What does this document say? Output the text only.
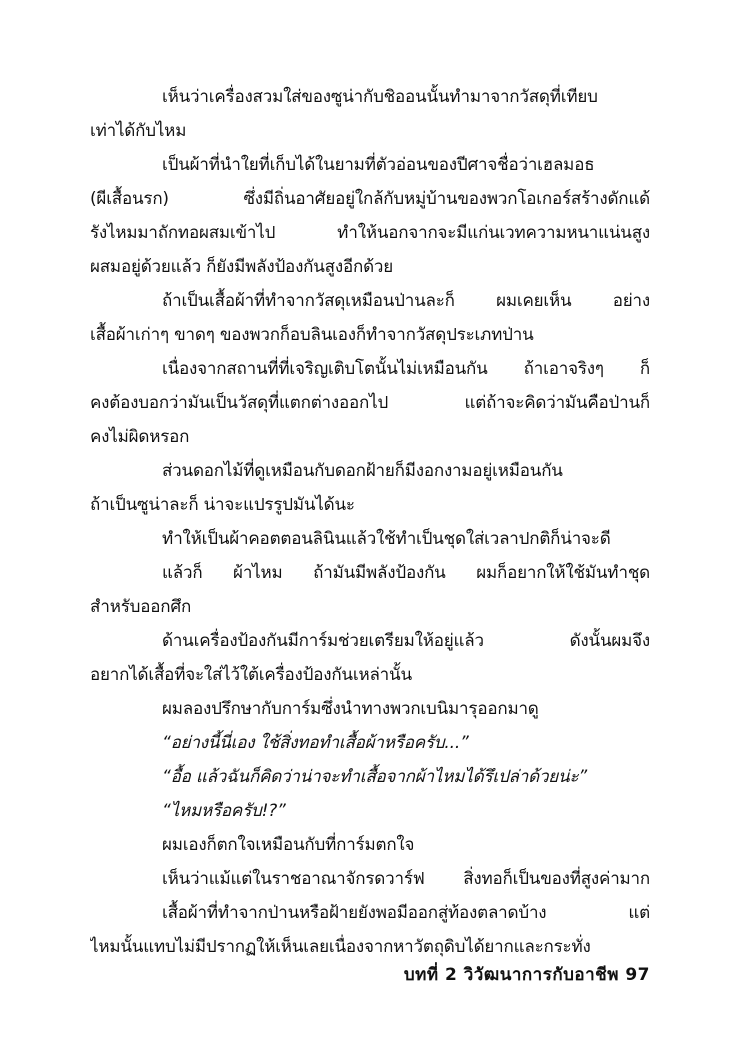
เห็นว่าเครื่องสวมใส่ของซูน่ากับชิออนนั้นทำมาจากวัสดุที่เทียบ
เท่าได้กับไหม
เป็นผ้าที่นำใยที่เก็บได้ในยามที่ตัวอ่อนของปีศาจชื่อว่าเฮลมอธ
(ผีเสื้อนรก) ซึ่งมีถิ่นอาศัยอยู่ใกล้กับหมู่บ้านของพวกโอเกอร์สร้างดักแด้
รังไหมมาถักทอผสมเข้าไป ทำให้นอกจากจะมีแก่นเวทความหนาแน่นสูง
ผสมอยู่ด้วยแล้ว ก็ยังมีพลังป้องกันสูงอีกด้วย
ถ้าเป็นเสื้อผ้าที่ทำจากวัสดุเหมือนป่านละก็ ผมเคยเห็น อย่าง
เสื้อผ้าเก่าๆ ขาดๆ ของพวกก็อบลินเองก็ทำจากวัสดุประเภทป่าน
เนื่องจากสถานที่ที่เจริญเติบโตนั้นไม่เหมือนกัน ถ้าเอาจริงๆ ก็
คงต้องบอกว่ามันเป็นวัสดุที่แตกต่างออกไป แต่ถ้าจะคิดว่ามันคือป่านก็
คงไม่ผิดหรอก
ส่วนดอกไม้ที่ดูเหมือนกับดอกฝ้ายก็มีงอกงามอยู่เหมือนกัน
ถ้าเป็นซูน่าละก็ น่าจะแปรรูปมันได้นะ
ทำให้เป็นผ้าคอตตอนลินินแล้วใช้ทำเป็นชุดใส่เวลาปกติก็น่าจะดี
แล้วก็ ผ้าไหม ถ้ามันมีพลังป้องกัน ผมก็อยากให้ใช้มันทำชุด
สำหรับออกศึก
ด้านเครื่องป้องกันมีการ์มช่วยเตรียมให้อยู่แล้ว ดังนั้นผมจึง
อยากได้เสื้อที่จะใส่ไว้ใต้เครื่องป้องกันเหล่านั้น
ผมลองปรึกษากับการ์มซึ่งนำทางพวกเบนิมารุออกมาดู
“อย่างนี้นี่เอง ใช้สิ่งทอทำเสื้อผ้าหรือครับ...”
“อื้อ แล้วฉันก็คิดว่าน่าจะทำเสื้อจากผ้าไหมได้รึเปล่าด้วยน่ะ”
“ไหมหรือครับ!?”
ผมเองก็ตกใจเหมือนกับที่การ์มตกใจ
เห็นว่าแม้แต่ในราชอาณาจักรดวาร์ฟ สิ่งทอก็เป็นของที่สูงค่ามาก
เสื้อผ้าที่ทำจากป่านหรือฝ้ายยังพอมีออกสู่ท้องตลาดบ้าง แต่
ไหมนั้นแทบไม่มีปรากฏให้เห็นเลยเนื่องจากหาวัตถุดิบได้ยากและกระทั่ง
บทที่ 2 วิวัฒนาการกับอาชีพ 97
